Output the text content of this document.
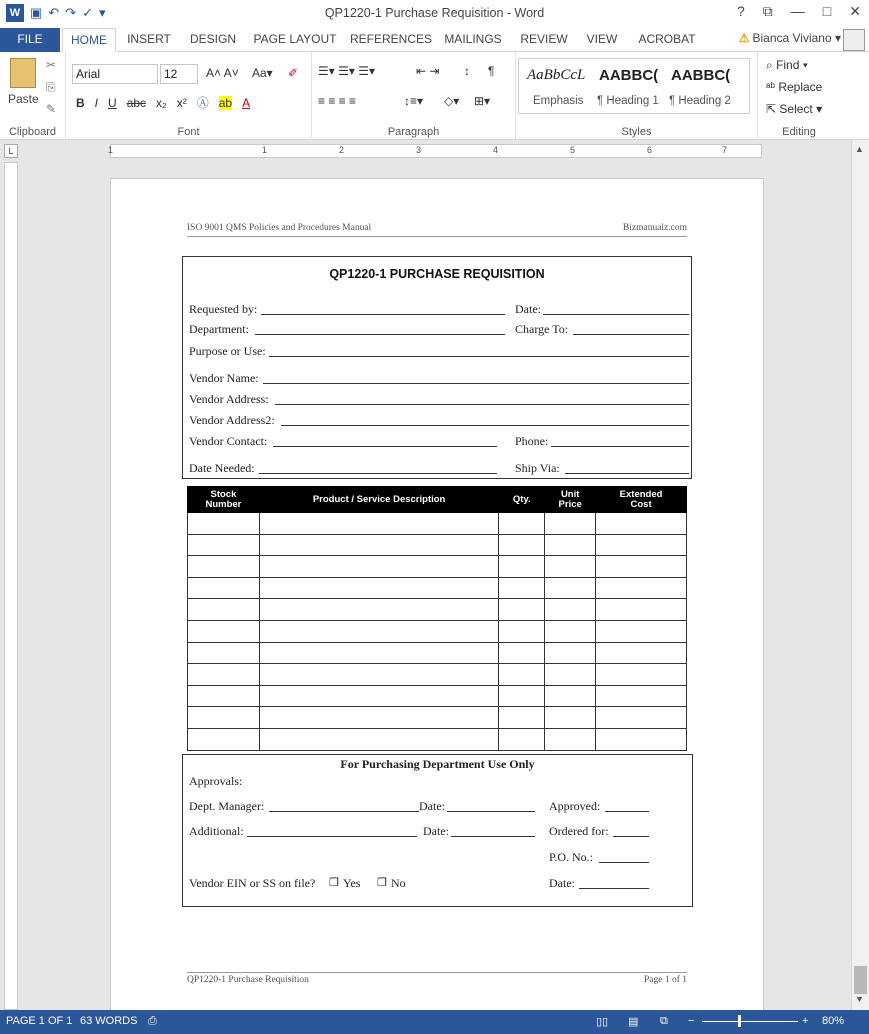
W ▣ ↶ ↷ ✓ ▾	QP1220-1 Purchase Requisition - Word	? ⧉ — □ ✕
FILE	HOME	INSERT	DESIGN	PAGE LAYOUT REFERENCES	MAILINGS	REVIEW	VIEW	ACROBAT	⚠ Bianca Viviano ▾
Paste
✂
⎘
✎
Clipboard
Arial	12	A˄ A˅ Aa▾ ✐
B I U abc x₂ x² Ⓐ ab A
Font
☰▾ ☰▾ ☰▾	⇤ ⇥ ↕ ¶
≡ ≡ ≡ ≡	↕≡▾ ◇▾ ⊞▾
Paragraph	Styles
AaBbCcL AABBC( AABBC(
Emphasis ¶ Heading 1 ¶ Heading 2
Editing
⌕ Find ▾
ᵃᵇ Replace
⇱ Select ▾
1	1	2	3	4	5	6	7
L
ISO 9001 QMS Policies and Procedures Manual	Bizmanualz.com
QP1220-1 PURCHASE REQUISITION
Requested by:	Date:
Department:	Charge To:
Purpose or Use:
Vendor Name:
Vendor Address:
Vendor Address2:
Vendor Contact:	Phone:
Date Needed:	Ship Via:
Stock
Number	Product / Service Description	Qty.	Unit
Price	Extended
Cost

For Purchasing Department Use Only
Approvals:
Dept. Manager:	Date:	Approved:
Additional:	Date:	Ordered for:
P.O. No.:
Vendor EIN or SS on file? ❐ Yes ❐ No	Date:
QP1220-1 Purchase Requisition	Page 1 of 1
▲
▼
PAGE 1 OF 1 63 WORDS ⎙	▯▯ ▤ ⧉ −	+ 80%
